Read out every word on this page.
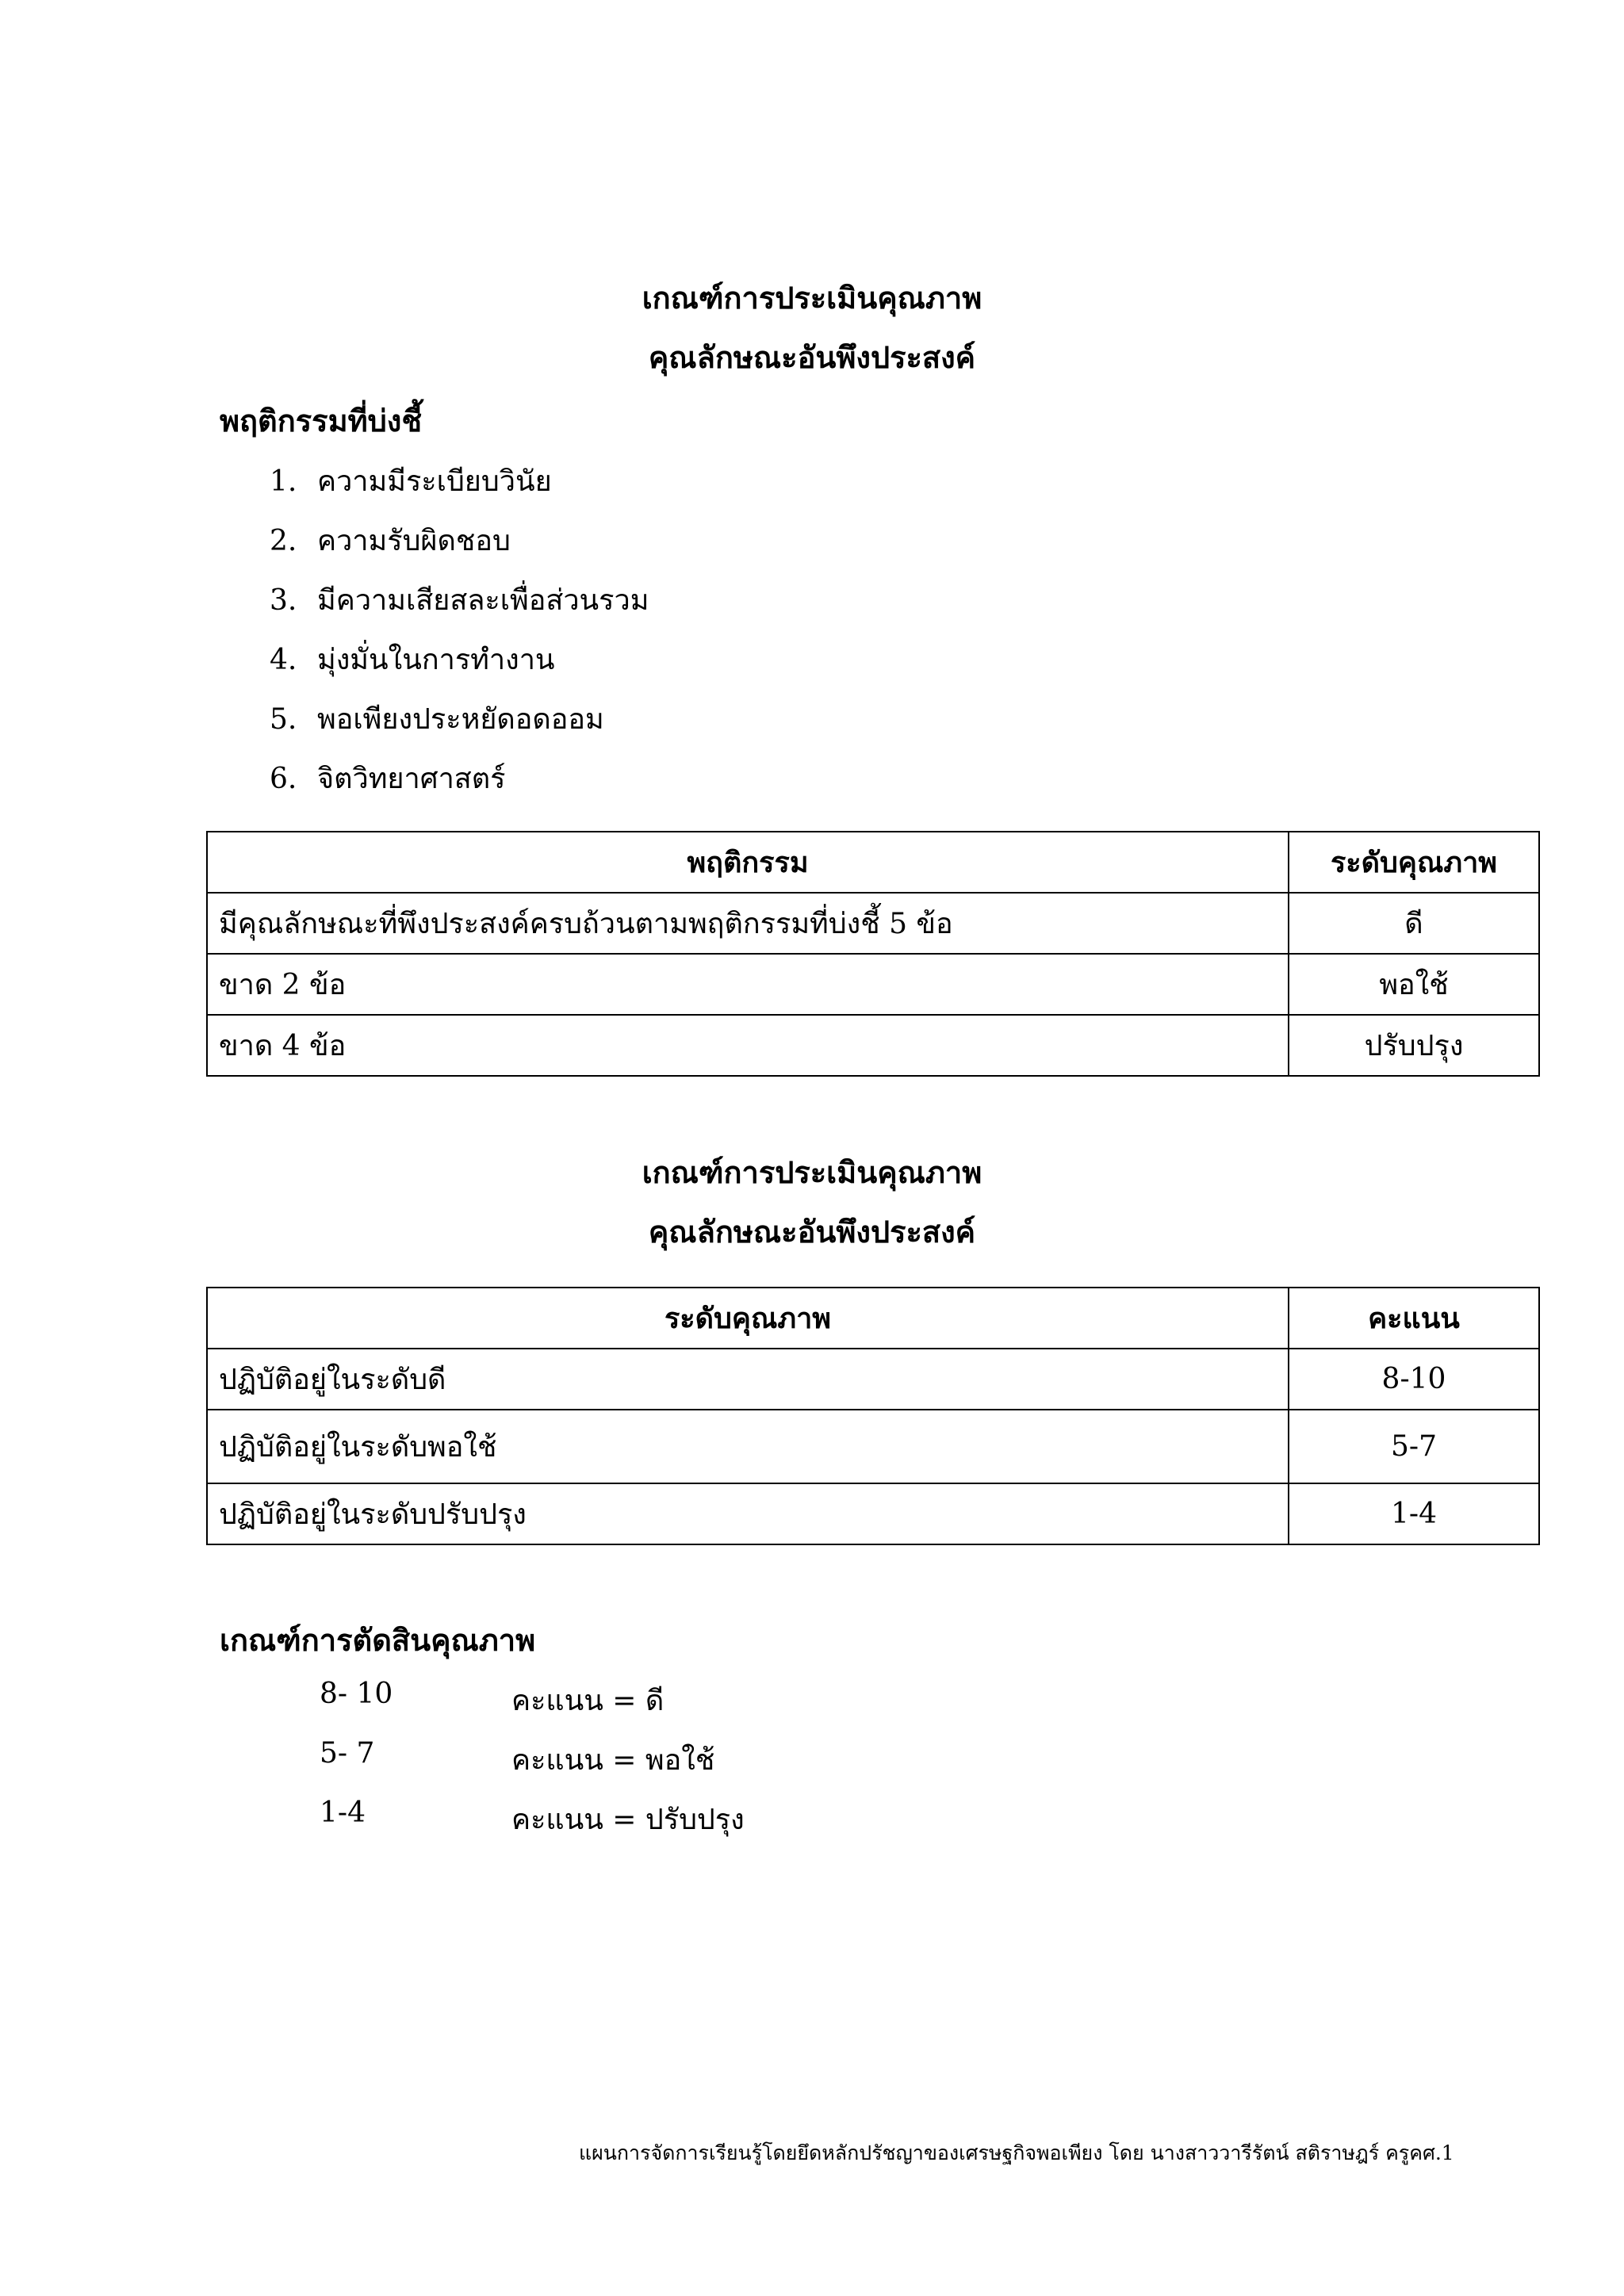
เกณฑ์การประเมินคุณภาพ
คุณลักษณะอันพึงประสงค์
พฤติกรรมที่บ่งชี้
1. ความมีระเบียบวินัย
2. ความรับผิดชอบ
3. มีความเสียสละเพื่อส่วนรวม
4. มุ่งมั่นในการทำงาน
5. พอเพียงประหยัดอดออม
6. จิตวิทยาศาสตร์
พฤติกรรม	ระดับคุณภาพ
มีคุณลักษณะที่พึงประสงค์ครบถ้วนตามพฤติกรรมที่บ่งชี้ 5 ข้อ	ดี
ขาด 2 ข้อ	พอใช้
ขาด 4 ข้อ	ปรับปรุง
เกณฑ์การประเมินคุณภาพ
คุณลักษณะอันพึงประสงค์
ระดับคุณภาพ	คะแนน
ปฏิบัติอยู่ในระดับดี	8-10
ปฏิบัติอยู่ในระดับพอใช้	5-7
ปฏิบัติอยู่ในระดับปรับปรุง	1-4
เกณฑ์การตัดสินคุณภาพ
8- 10	คะแนน = ดี
5- 7	คะแนน = พอใช้
1-4	คะแนน = ปรับปรุง
แผนการจัดการเรียนรู้โดยยึดหลักปรัชญาของเศรษฐกิจพอเพียง โดย นางสาววารีรัตน์ สติราษฎร์ ครูคศ.1
